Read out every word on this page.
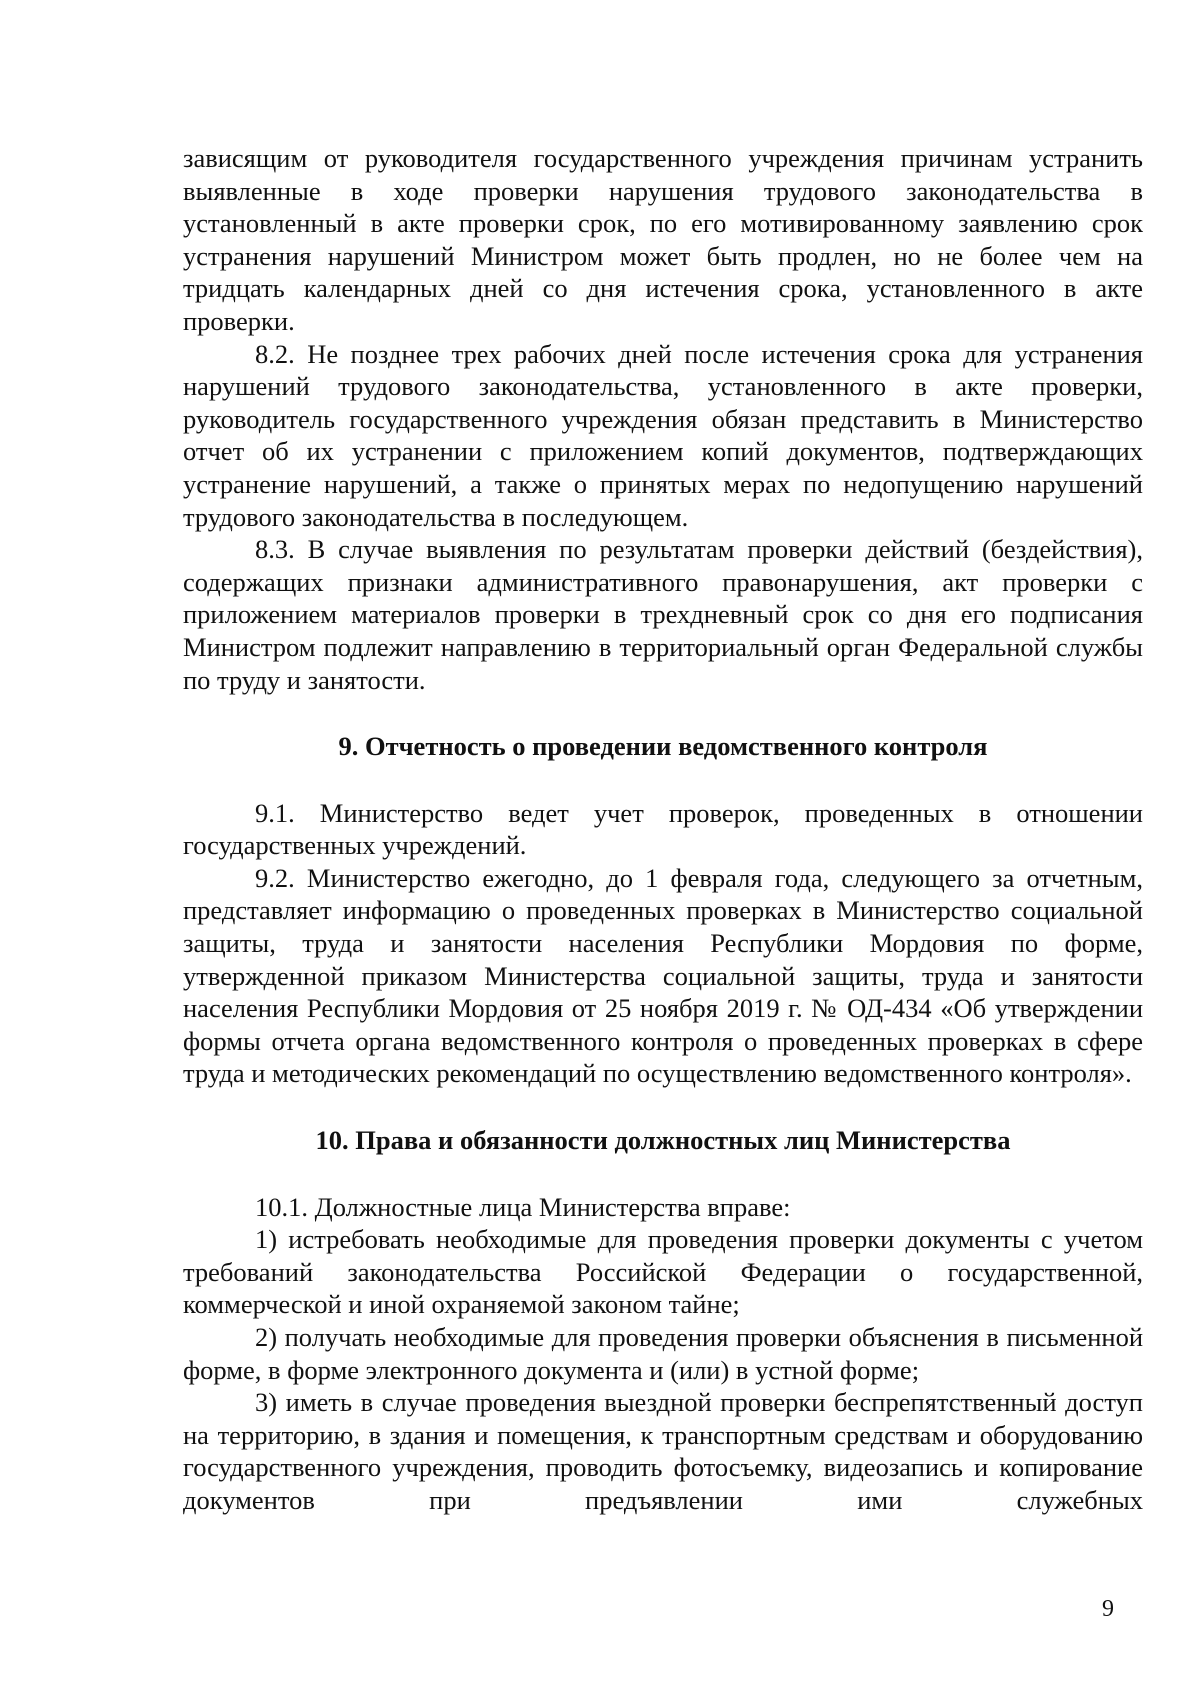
зависящим от руководителя государственного учреждения причинам устранить выявленные в ходе проверки нарушения трудового законодательства в установленный в акте проверки срок, по его мотивированному заявлению срок устранения нарушений Министром может быть продлен, но не более чем на тридцать календарных дней со дня истечения срока, установленного в акте проверки.

8.2. Не позднее трех рабочих дней после истечения срока для устранения нарушений трудового законодательства, установленного в акте проверки, руководитель государственного учреждения обязан представить в Министерство отчет об их устранении с приложением копий документов, подтверждающих устранение нарушений, а также о принятых мерах по недопущению нарушений трудового законодательства в последующем.

8.3. В случае выявления по результатам проверки действий (бездействия), содержащих признаки административного правонарушения, акт проверки с приложением материалов проверки в трехдневный срок со дня его подписания Министром подлежит направлению в территориальный орган Федеральной службы по труду и занятости.

9. Отчетность о проведении ведомственного контроля

9.1. Министерство ведет учет проверок, проведенных в отношении государственных учреждений.

9.2. Министерство ежегодно, до 1 февраля года, следующего за отчетным, представляет информацию о проведенных проверках в Министерство социальной защиты, труда и занятости населения Республики Мордовия по форме, утвержденной приказом Министерства социальной защиты, труда и занятости населения Республики Мордовия от 25 ноября 2019 г. № ОД-434 «Об утверждении формы отчета органа ведомственного контроля о проведенных проверках в сфере труда и методических рекомендаций по осуществлению ведомственного контроля».

10. Права и обязанности должностных лиц Министерства

10.1. Должностные лица Министерства вправе:

1) истребовать необходимые для проведения проверки документы с учетом требований законодательства Российской Федерации о государственной, коммерческой и иной охраняемой законом тайне;

2) получать необходимые для проведения проверки объяснения в письменной форме, в форме электронного документа и (или) в устной форме;

3) иметь в случае проведения выездной проверки беспрепятственный доступ на территорию, в здания и помещения, к транспортным средствам и оборудованию государственного учреждения, проводить фотосъемку, видеозапись и копирование документов при предъявлении ими служебных

9
